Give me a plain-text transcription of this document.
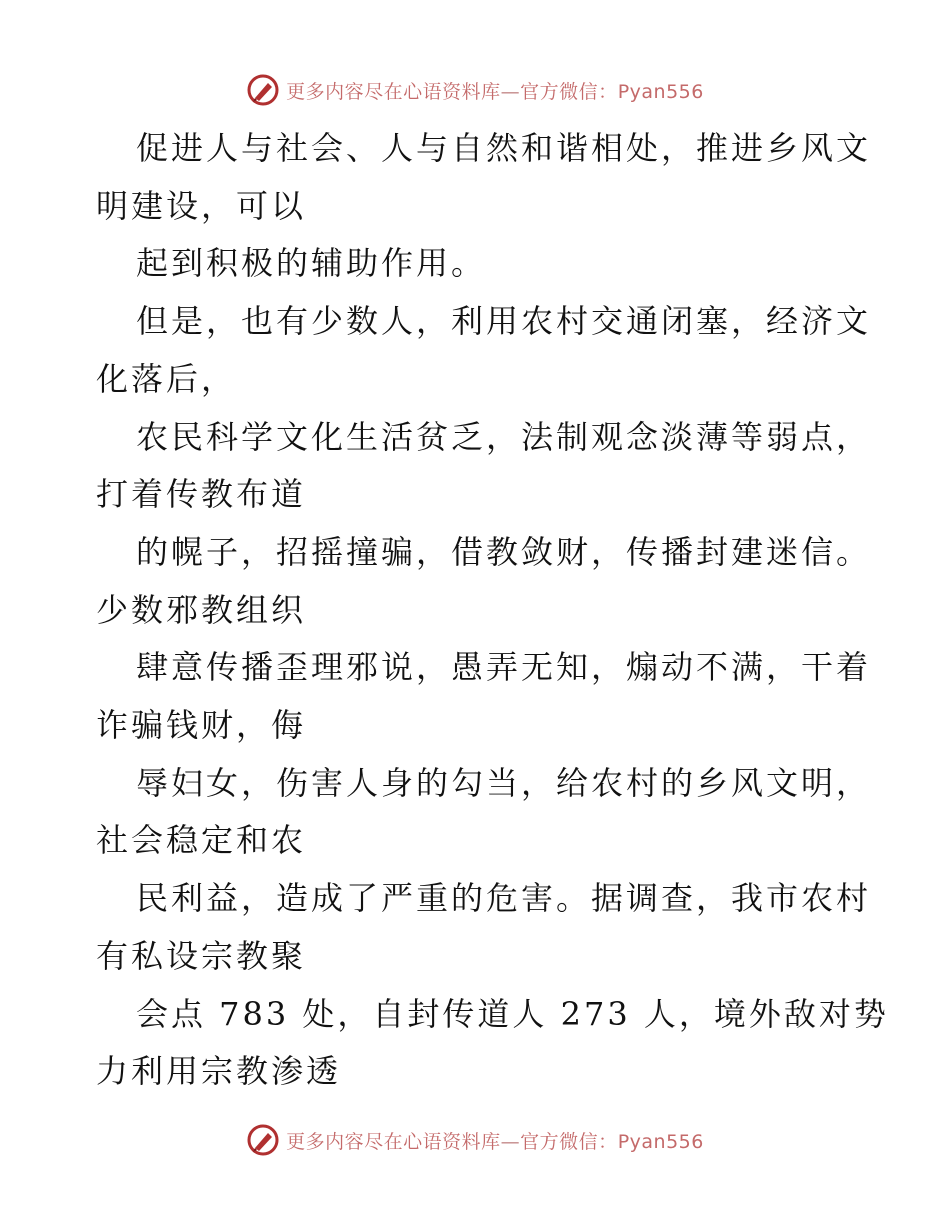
更多内容尽在心语资料库—官方微信：Pyan556

促进人与社会、人与自然和谐相处，推进乡风文

明建设，可以

起到积极的辅助作用。

但是，也有少数人，利用农村交通闭塞，经济文

化落后，

农民科学文化生活贫乏，法制观念淡薄等弱点，

打着传教布道

的幌子，招摇撞骗，借教敛财，传播封建迷信。

少数邪教组织

肆意传播歪理邪说，愚弄无知，煽动不满，干着

诈骗钱财，侮

辱妇女，伤害人身的勾当，给农村的乡风文明，

社会稳定和农

民利益，造成了严重的危害。据调查，我市农村

有私设宗教聚

会点 783 处，自封传道人 273 人，境外敌对势

力利用宗教渗透

更多内容尽在心语资料库—官方微信：Pyan556
